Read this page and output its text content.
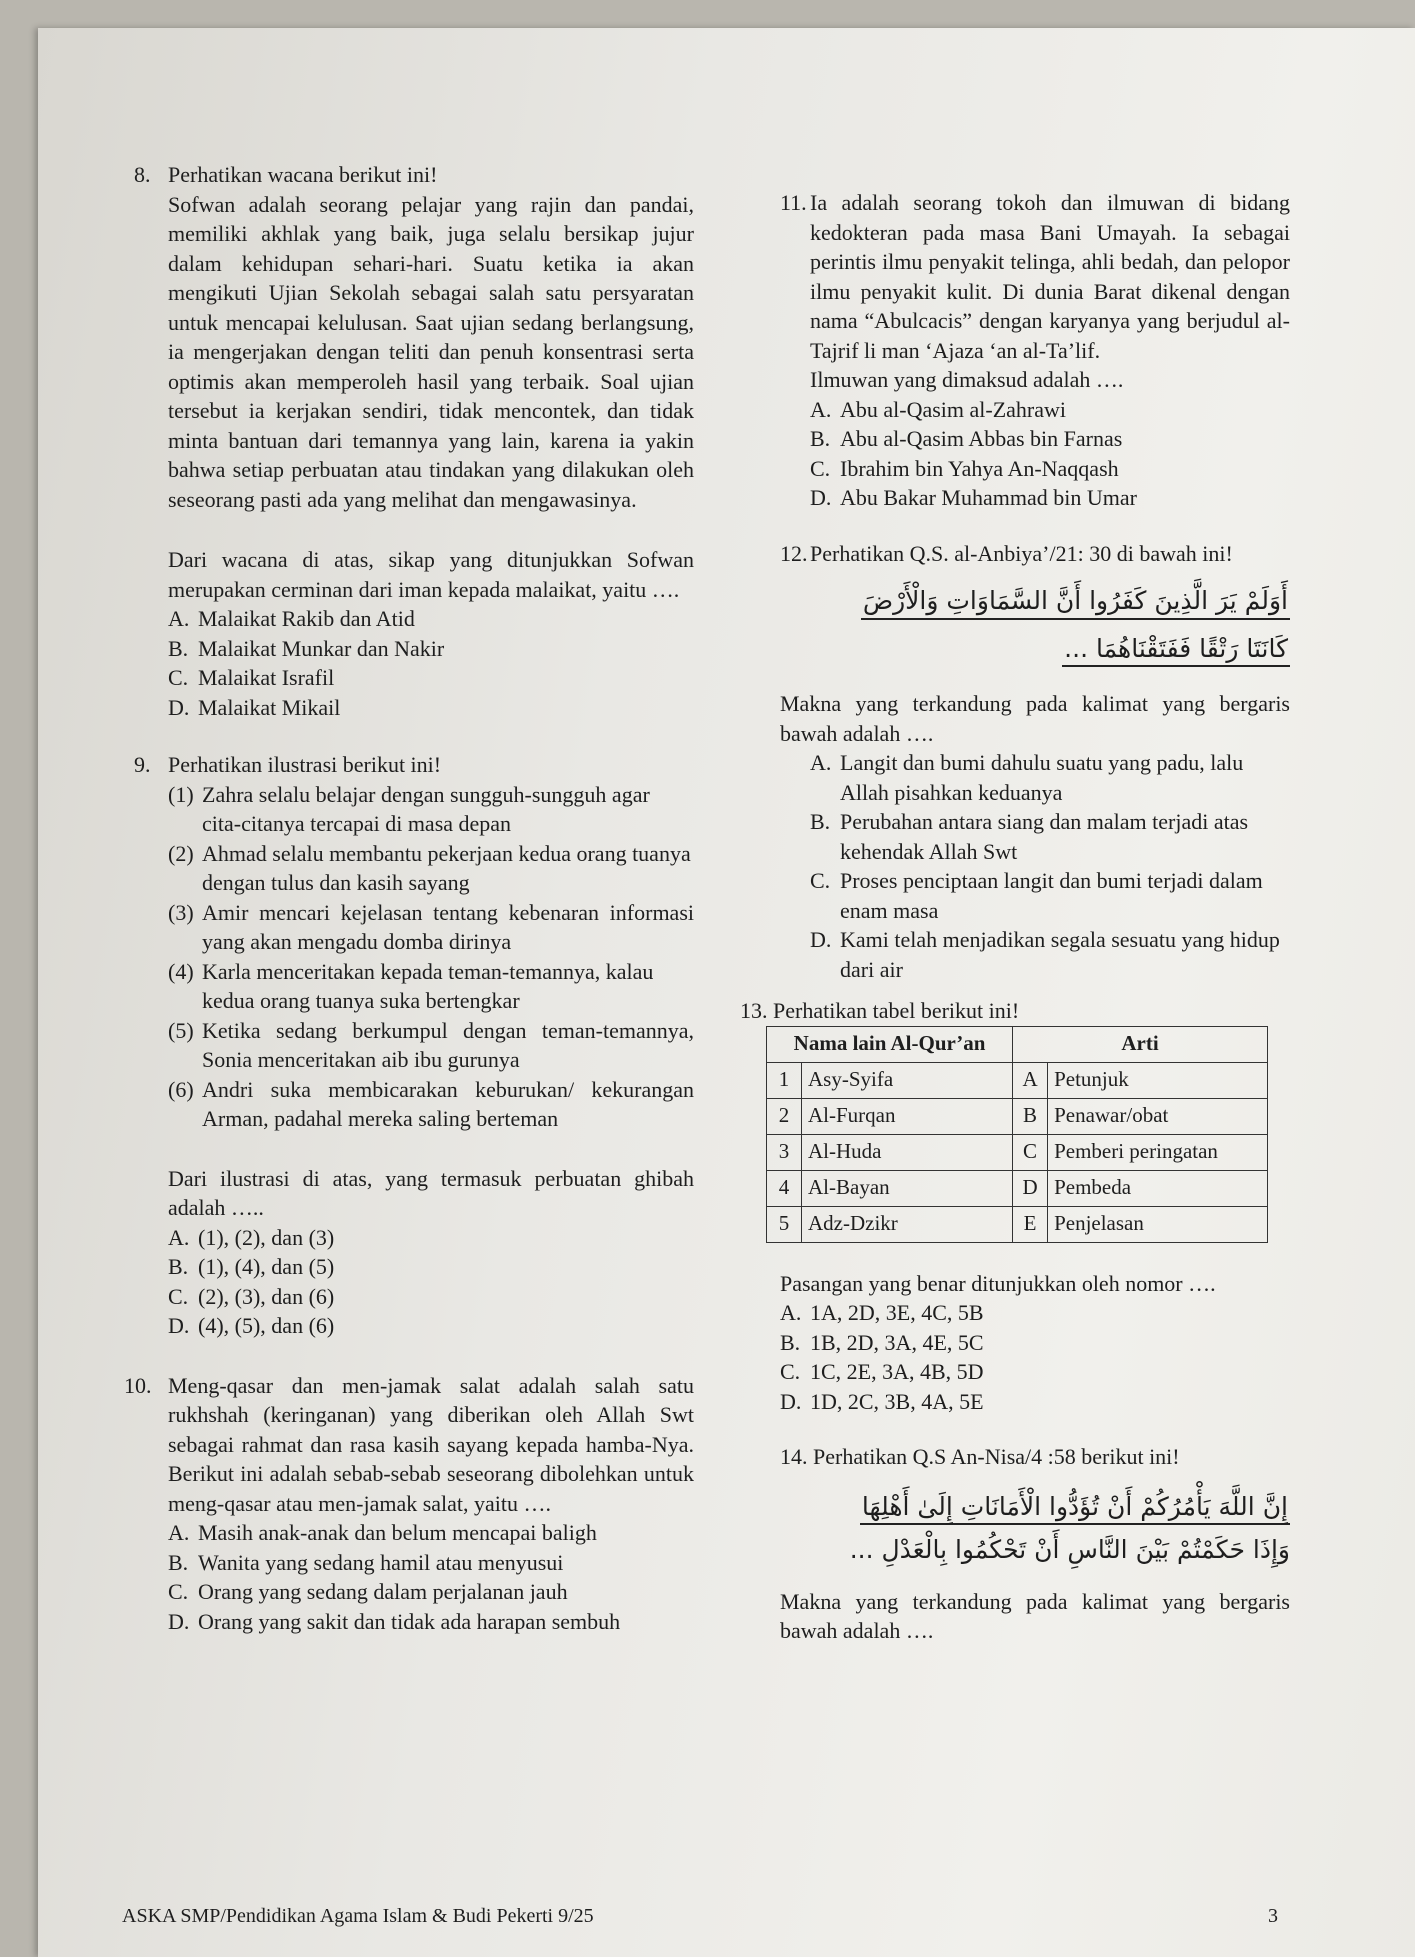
8. Perhatikan wacana berikut ini!

Sofwan adalah seorang pelajar yang rajin dan pandai, memiliki akhlak yang baik, juga selalu bersikap jujur dalam kehidupan sehari-hari. Suatu ketika ia akan mengikuti Ujian Sekolah sebagai salah satu persyaratan untuk mencapai kelulusan. Saat ujian sedang berlangsung, ia mengerjakan dengan teliti dan penuh konsentrasi serta optimis akan memperoleh hasil yang terbaik. Soal ujian tersebut ia kerjakan sendiri, tidak mencontek, dan tidak minta bantuan dari temannya yang lain, karena ia yakin bahwa setiap perbuatan atau tindakan yang dilakukan oleh seseorang pasti ada yang melihat dan mengawasinya.

Dari wacana di atas, sikap yang ditunjukkan Sofwan merupakan cerminan dari iman kepada malaikat, yaitu ….

A. Malaikat Rakib dan Atid
B. Malaikat Munkar dan Nakir
C. Malaikat Israfil
D. Malaikat Mikail
9. Perhatikan ilustrasi berikut ini!

(1) Zahra selalu belajar dengan sungguh-sungguh agar cita-citanya tercapai di masa depan
(2) Ahmad selalu membantu pekerjaan kedua orang tuanya dengan tulus dan kasih sayang
(3) Amir mencari kejelasan tentang kebenaran informasi yang akan mengadu domba dirinya
(4) Karla menceritakan kepada teman-temannya, kalau kedua orang tuanya suka bertengkar
(5) Ketika sedang berkumpul dengan teman-temannya, Sonia menceritakan aib ibu gurunya
(6) Andri suka membicarakan keburukan/ kekurangan Arman, padahal mereka saling berteman

Dari ilustrasi di atas, yang termasuk perbuatan ghibah adalah …..

A. (1), (2), dan (3)
B. (1), (4), dan (5)
C. (2), (3), dan (6)
D. (4), (5), dan (6)
10. Meng-qasar dan men-jamak salat adalah salah satu rukhshah (keringanan) yang diberikan oleh Allah Swt sebagai rahmat dan rasa kasih sayang kepada hamba-Nya. Berikut ini adalah sebab-sebab seseorang dibolehkan untuk meng-qasar atau men-jamak salat, yaitu ….

A. Masih anak-anak dan belum mencapai baligh
B. Wanita yang sedang hamil atau menyusui
C. Orang yang sedang dalam perjalanan jauh
D. Orang yang sakit dan tidak ada harapan sembuh
11. Ia adalah seorang tokoh dan ilmuwan di bidang kedokteran pada masa Bani Umayah. Ia sebagai perintis ilmu penyakit telinga, ahli bedah, dan pelopor ilmu penyakit kulit. Di dunia Barat dikenal dengan nama “Abulcacis” dengan karyanya yang berjudul al-Tajrif li man ‘Ajaza ‘an al-Ta’lif.

Ilmuwan yang dimaksud adalah ….

A. Abu al-Qasim al-Zahrawi
B. Abu al-Qasim Abbas bin Farnas
C. Ibrahim bin Yahya An-Naqqash
D. Abu Bakar Muhammad bin Umar
12. Perhatikan Q.S. al-Anbiya’/21: 30 di bawah ini!

أَوَلَمْ يَرَ الَّذِينَ كَفَرُوا أَنَّ السَّمَاوَاتِ وَالْأَرْضَ

كَانَتَا رَتْقًا فَفَتَقْنَاهُمَا ...

Makna yang terkandung pada kalimat yang bergaris bawah adalah ….

A. Langit dan bumi dahulu suatu yang padu, lalu Allah pisahkan keduanya
B. Perubahan antara siang dan malam terjadi atas kehendak Allah Swt
C. Proses penciptaan langit dan bumi terjadi dalam enam masa
D. Kami telah menjadikan segala sesuatu yang hidup dari air

13. Perhatikan tabel berikut ini!

Nama lain Al-Qur’an		Arti	
1	Asy-Syifa	A	Petunjuk
2	Al-Furqan	B	Penawar/obat
3	Al-Huda	C	Pemberi peringatan
4	Al-Bayan	D	Pembeda
5	Adz-Dzikr	E	Penjelasan

Pasangan yang benar ditunjukkan oleh nomor ….

A. 1A, 2D, 3E, 4C, 5B
B. 1B, 2D, 3A, 4E, 5C
C. 1C, 2E, 3A, 4B, 5D
D. 1D, 2C, 3B, 4A, 5E

14. Perhatikan Q.S An-Nisa/4 :58 berikut ini!

إِنَّ اللَّهَ يَأْمُرُكُمْ أَنْ تُؤَدُّوا الْأَمَانَاتِ إِلَىٰ أَهْلِهَا

وَإِذَا حَكَمْتُمْ بَيْنَ النَّاسِ أَنْ تَحْكُمُوا بِالْعَدْلِ ...

Makna yang terkandung pada kalimat yang bergaris bawah adalah ….

ASKA SMP/Pendidikan Agama Islam & Budi Pekerti 9/25	3
